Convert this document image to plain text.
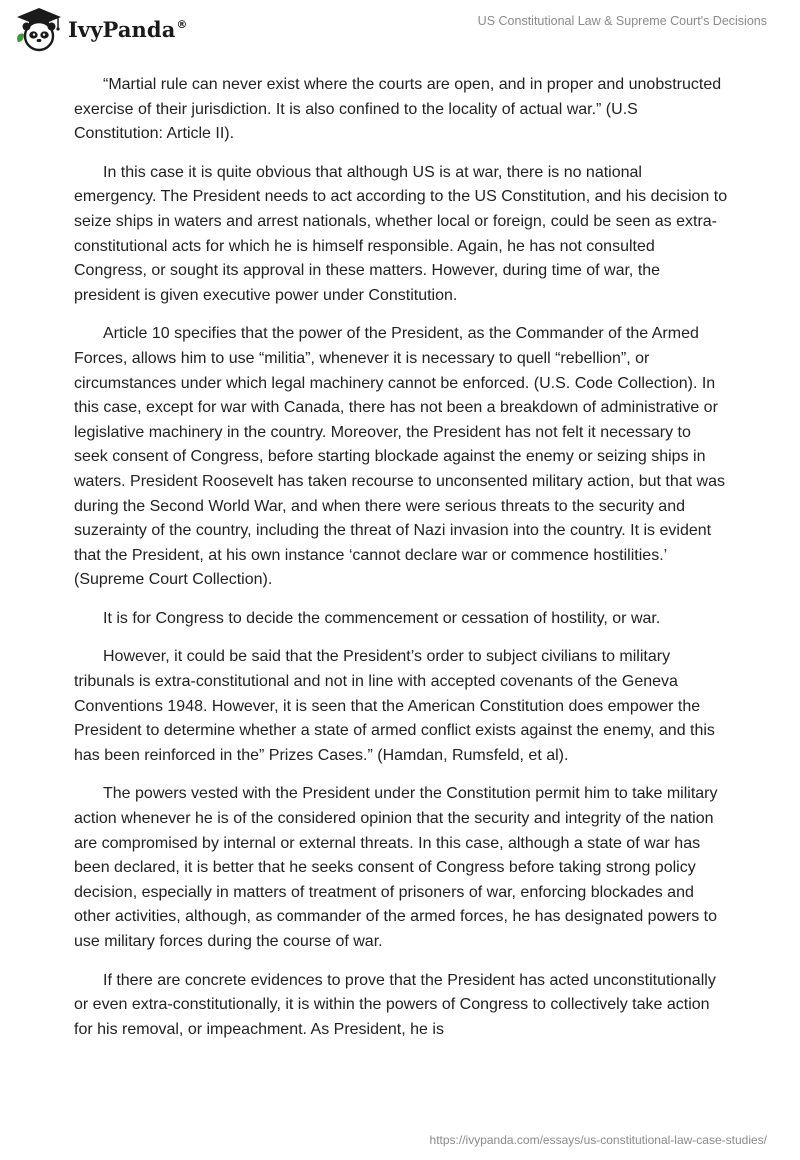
IvyPanda®	US Constitutional Law & Supreme Court's Decisions

“Martial rule can never exist where the courts are open, and in proper and unobstructed exercise of their jurisdiction. It is also confined to the locality of actual war.” (U.S Constitution: Article II).

In this case it is quite obvious that although US is at war, there is no national emergency. The President needs to act according to the US Constitution, and his decision to seize ships in waters and arrest nationals, whether local or foreign, could be seen as extra-constitutional acts for which he is himself responsible. Again, he has not consulted Congress, or sought its approval in these matters. However, during time of war, the president is given executive power under Constitution.

Article 10 specifies that the power of the President, as the Commander of the Armed Forces, allows him to use “militia”, whenever it is necessary to quell “rebellion”, or circumstances under which legal machinery cannot be enforced. (U.S. Code Collection). In this case, except for war with Canada, there has not been a breakdown of administrative or legislative machinery in the country. Moreover, the President has not felt it necessary to seek consent of Congress, before starting blockade against the enemy or seizing ships in waters. President Roosevelt has taken recourse to unconsented military action, but that was during the Second World War, and when there were serious threats to the security and suzerainty of the country, including the threat of Nazi invasion into the country. It is evident that the President, at his own instance ‘cannot declare war or commence hostilities.’ (Supreme Court Collection).

It is for Congress to decide the commencement or cessation of hostility, or war.

However, it could be said that the President’s order to subject civilians to military tribunals is extra-constitutional and not in line with accepted covenants of the Geneva Conventions 1948. However, it is seen that the American Constitution does empower the President to determine whether a state of armed conflict exists against the enemy, and this has been reinforced in the” Prizes Cases.” (Hamdan, Rumsfeld, et al).

The powers vested with the President under the Constitution permit him to take military action whenever he is of the considered opinion that the security and integrity of the nation are compromised by internal or external threats. In this case, although a state of war has been declared, it is better that he seeks consent of Congress before taking strong policy decision, especially in matters of treatment of prisoners of war, enforcing blockades and other activities, although, as commander of the armed forces, he has designated powers to use military forces during the course of war.

If there are concrete evidences to prove that the President has acted unconstitutionally or even extra-constitutionally, it is within the powers of Congress to collectively take action for his removal, or impeachment. As President, he is

https://ivypanda.com/essays/us-constitutional-law-case-studies/
